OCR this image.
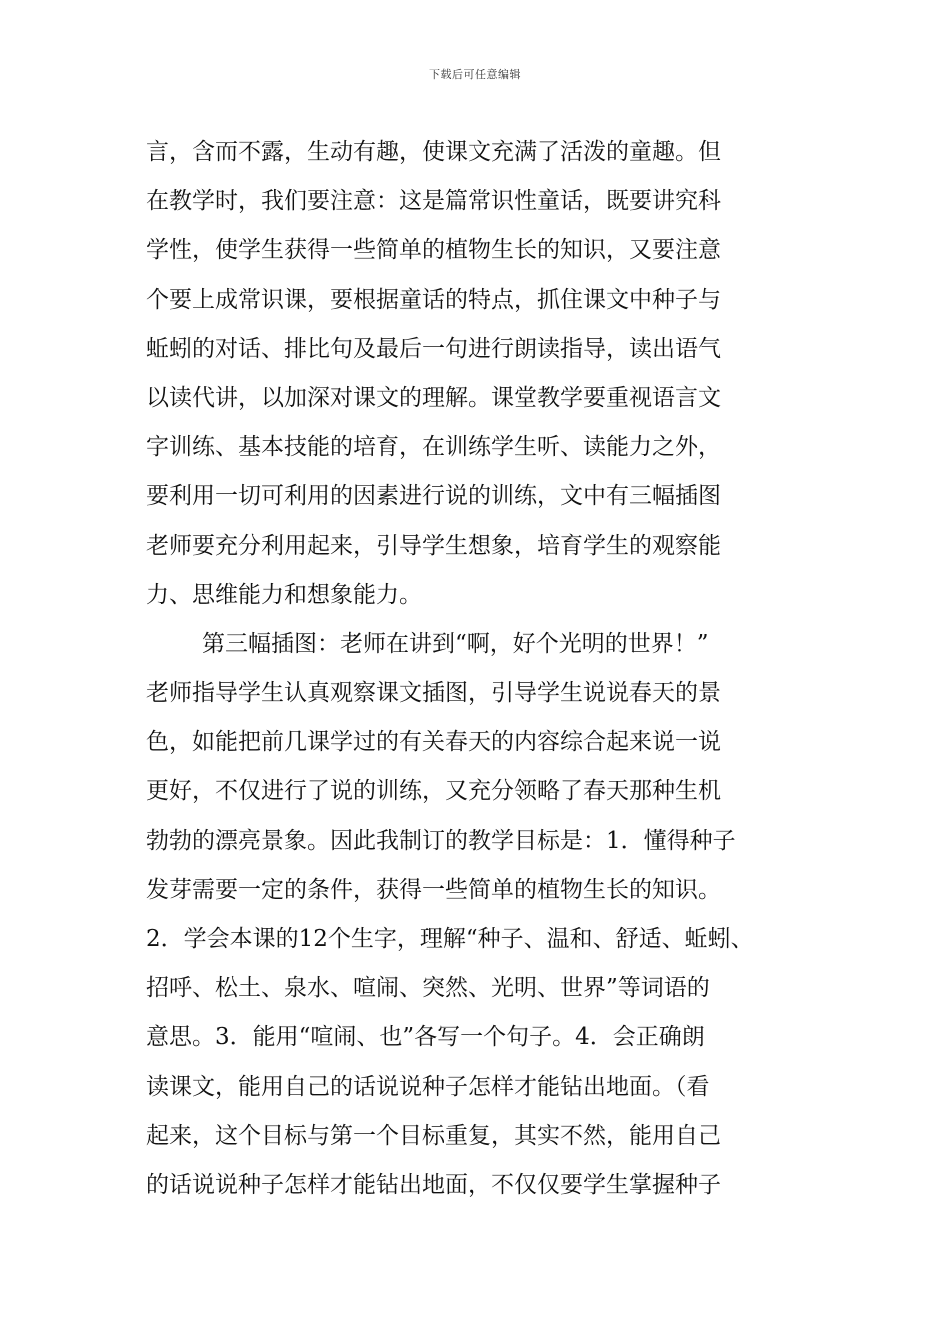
下载后可任意编辑
言，含而不露，生动有趣，使课文充满了活泼的童趣。但
在教学时，我们要注意：这是篇常识性童话，既要讲究科
学性，使学生获得一些简单的植物生长的知识，又要注意
个要上成常识课，要根据童话的特点，抓住课文中种子与
蚯蚓的对话、排比句及最后一句进行朗读指导，读出语气
以读代讲，以加深对课文的理解。课堂教学要重视语言文
字训练、基本技能的培育，在训练学生听、读能力之外，
要利用一切可利用的因素进行说的训练，文中有三幅插图
老师要充分利用起来，引导学生想象，培育学生的观察能
力、思维能力和想象能力。
第三幅插图：老师在讲到“啊，好个光明的世界！”
老师指导学生认真观察课文插图，引导学生说说春天的景
色，如能把前几课学过的有关春天的内容综合起来说一说
更好，不仅进行了说的训练，又充分领略了春天那种生机
勃勃的漂亮景象。因此我制订的教学目标是：1．懂得种子
发芽需要一定的条件，获得一些简单的植物生长的知识。
2．学会本课的12个生字，理解“种子、温和、舒适、蚯蚓、
招呼、松土、泉水、喧闹、突然、光明、世界”等词语的
意思。3．能用“喧闹、也”各写一个句子。4．会正确朗
读课文，能用自己的话说说种子怎样才能钻出地面。（看
起来，这个目标与第一个目标重复，其实不然，能用自己
的话说说种子怎样才能钻出地面，不仅仅要学生掌握种子
